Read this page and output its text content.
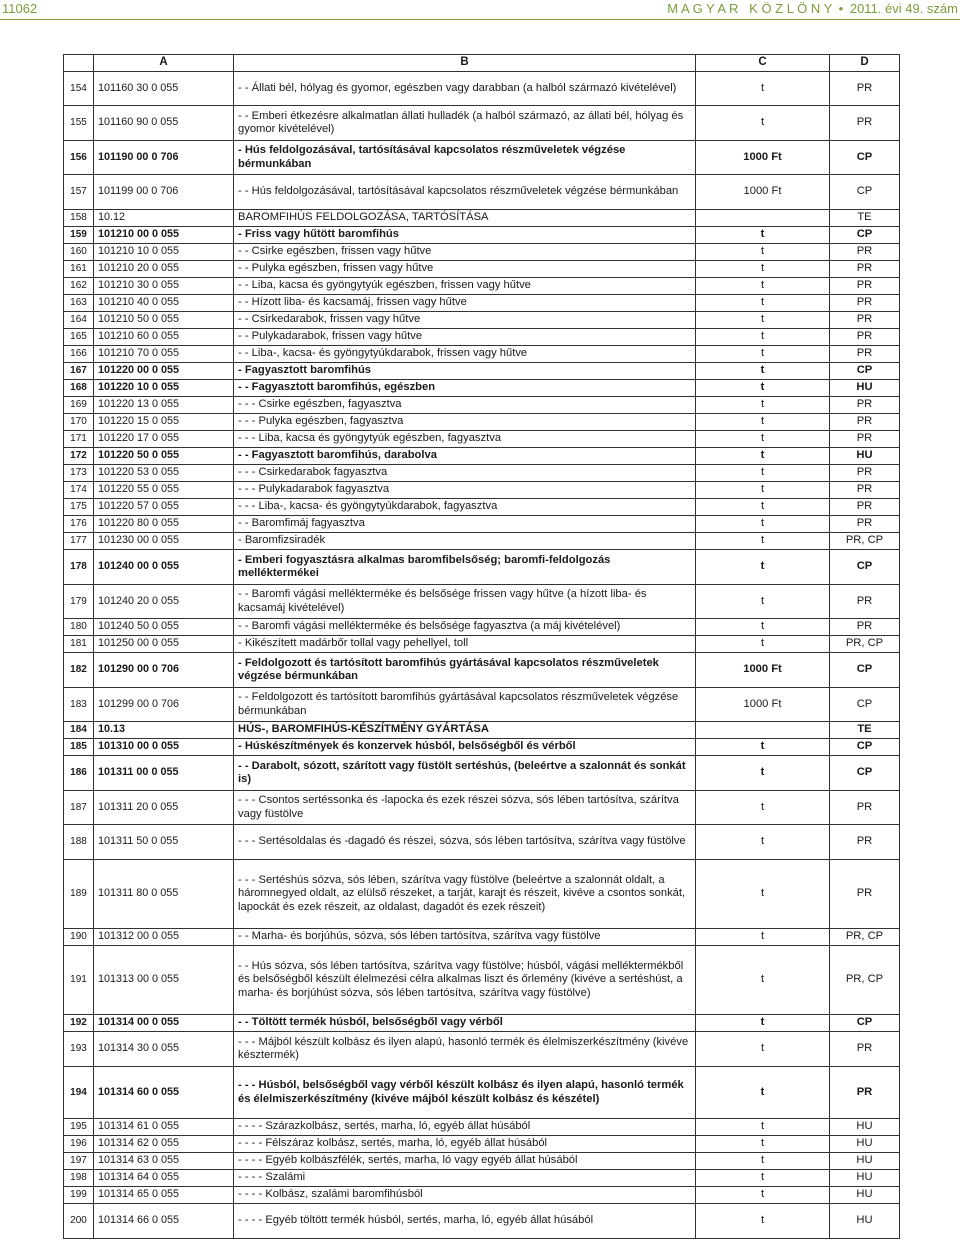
11062	M A G Y A R   K Ö Z L Ö N Y • 2011. évi 49. szám
	A	B	C	D
154	101160 30 0 055	- - Állati bél, hólyag és gyomor, egészben vagy darabban (a halból származó kivételével)	t	PR
155	101160 90 0 055	- - Emberi étkezésre alkalmatlan állati hulladék (a halból származó, az állati bél, hólyag és gyomor kivételével)	t	PR
156	101190 00 0 706	- Hús feldolgozásával, tartósításával kapcsolatos részműveletek végzése bérmunkában	1000 Ft	CP
157	101199 00 0 706	- - Hús feldolgozásával, tartósításával kapcsolatos részműveletek végzése bérmunkában	1000 Ft	CP
158	10.12	BAROMFIHÚS FELDOLGOZÁSA, TARTÓSÍTÁSA		TE
159	101210 00 0 055	- Friss vagy hűtött baromfihús	t	CP
160	101210 10 0 055	- - Csirke egészben, frissen vagy hűtve	t	PR
161	101210 20 0 055	- - Pulyka egészben, frissen vagy hűtve	t	PR
162	101210 30 0 055	- - Liba, kacsa és gyöngytyúk egészben, frissen vagy hűtve	t	PR
163	101210 40 0 055	- - Hízott liba- és kacsamáj, frissen vagy hűtve	t	PR
164	101210 50 0 055	- - Csirkedarabok, frissen vagy hűtve	t	PR
165	101210 60 0 055	- - Pulykadarabok, frissen vagy hűtve	t	PR
166	101210 70 0 055	- - Liba-, kacsa- és gyöngytyúkdarabok, frissen vagy hűtve	t	PR
167	101220 00 0 055	- Fagyasztott baromfihús	t	CP
168	101220 10 0 055	- - Fagyasztott baromfihús, egészben	t	HU
169	101220 13 0 055	- - - Csirke egészben, fagyasztva	t	PR
170	101220 15 0 055	- - - Pulyka egészben, fagyasztva	t	PR
171	101220 17 0 055	- - - Liba, kacsa és gyöngytyúk egészben, fagyasztva	t	PR
172	101220 50 0 055	- - Fagyasztott baromfihús, darabolva	t	HU
173	101220 53 0 055	- - - Csirkedarabok fagyasztva	t	PR
174	101220 55 0 055	- - - Pulykadarabok fagyasztva	t	PR
175	101220 57 0 055	- - - Liba-, kacsa- és gyöngytyúkdarabok, fagyasztva	t	PR
176	101220 80 0 055	- - Baromfimáj fagyasztva	t	PR
177	101230 00 0 055	- Baromfizsiradék	t	PR, CP
178	101240 00 0 055	- Emberi fogyasztásra alkalmas baromfibelsőség; baromfi-feldolgozás melléktermékei	t	CP
179	101240 20 0 055	- - Baromfi vágási mellékterméke és belsősége frissen vagy hűtve (a hízott liba- és kacsamáj kivételével)	t	PR
180	101240 50 0 055	- - Baromfi vágási mellékterméke és belsősége fagyasztva (a máj kivételével)	t	PR
181	101250 00 0 055	- Kikészített madárbőr tollal vagy pehellyel, toll	t	PR, CP
182	101290 00 0 706	- Feldolgozott és tartósított baromfihús gyártásával kapcsolatos részműveletek végzése bérmunkában	1000 Ft	CP
183	101299 00 0 706	- - Feldolgozott és tartósított baromfihús gyártásával kapcsolatos részműveletek végzése bérmunkában	1000 Ft	CP
184	10.13	HÚS-, BAROMFIHÚS-KÉSZÍTMÉNY GYÁRTÁSA		TE
185	101310 00 0 055	- Húskészítmények és konzervek húsból, belsőségből és vérből	t	CP
186	101311 00 0 055	- - Darabolt, sózott, szárított vagy füstölt sertéshús, (beleértve a szalonnát és sonkát is)	t	CP
187	101311 20 0 055	- - - Csontos sertéssonka és -lapocka és ezek részei sózva, sós lében tartósítva, szárítva vagy füstölve	t	PR
188	101311 50 0 055	- - - Sertésoldalas és -dagadó és részei, sózva, sós lében tartósítva, szárítva vagy füstölve	t	PR
189	101311 80 0 055	- - - Sertéshús sózva, sós lében, szárítva vagy füstölve (beleértve a szalonnát oldalt, a háromnegyed oldalt, az elülső részeket, a tarját, karajt és részeit, kivéve a csontos sonkát, lapockát és ezek részeit, az oldalast, dagadót és ezek részeit)	t	PR
190	101312 00 0 055	- - Marha- és borjúhús, sózva, sós lében tartósítva, szárítva vagy füstölve	t	PR, CP
191	101313 00 0 055	- - Hús sózva, sós lében tartósítva, szárítva vagy füstölve; húsból, vágási melléktermékből és belsőségből készült élelmezési célra alkalmas liszt és őrlemény (kivéve a sertéshúst, a marha- és borjúhúst sózva, sós lében tartósítva, szárítva vagy füstölve)	t	PR, CP
192	101314 00 0 055	- - Töltött termék húsból, belsőségből vagy vérből	t	CP
193	101314 30 0 055	- - - Májból készült kolbász és ilyen alapú, hasonló termék és élelmiszerkészítmény (kivéve késztermék)	t	PR
194	101314 60 0 055	- - - Húsból, belsőségből vagy vérből készült kolbász és ilyen alapú, hasonló termék és élelmiszerkészítmény (kivéve májból készült kolbász és készétel)	t	PR
195	101314 61 0 055	- - - - Szárazkolbász, sertés, marha, ló, egyéb állat húsából	t	HU
196	101314 62 0 055	- - - - Félszáraz kolbász, sertés, marha, ló, egyéb állat húsából	t	HU
197	101314 63 0 055	- - - - Egyéb kolbászfélék, sertés, marha, ló vagy egyéb állat húsából	t	HU
198	101314 64 0 055	- - - - Szalámi	t	HU
199	101314 65 0 055	- - - - Kolbász, szalámi baromfihúsból	t	HU
200	101314 66 0 055	- - - - Egyéb töltött termék húsból, sertés, marha, ló, egyéb állat húsából	t	HU
